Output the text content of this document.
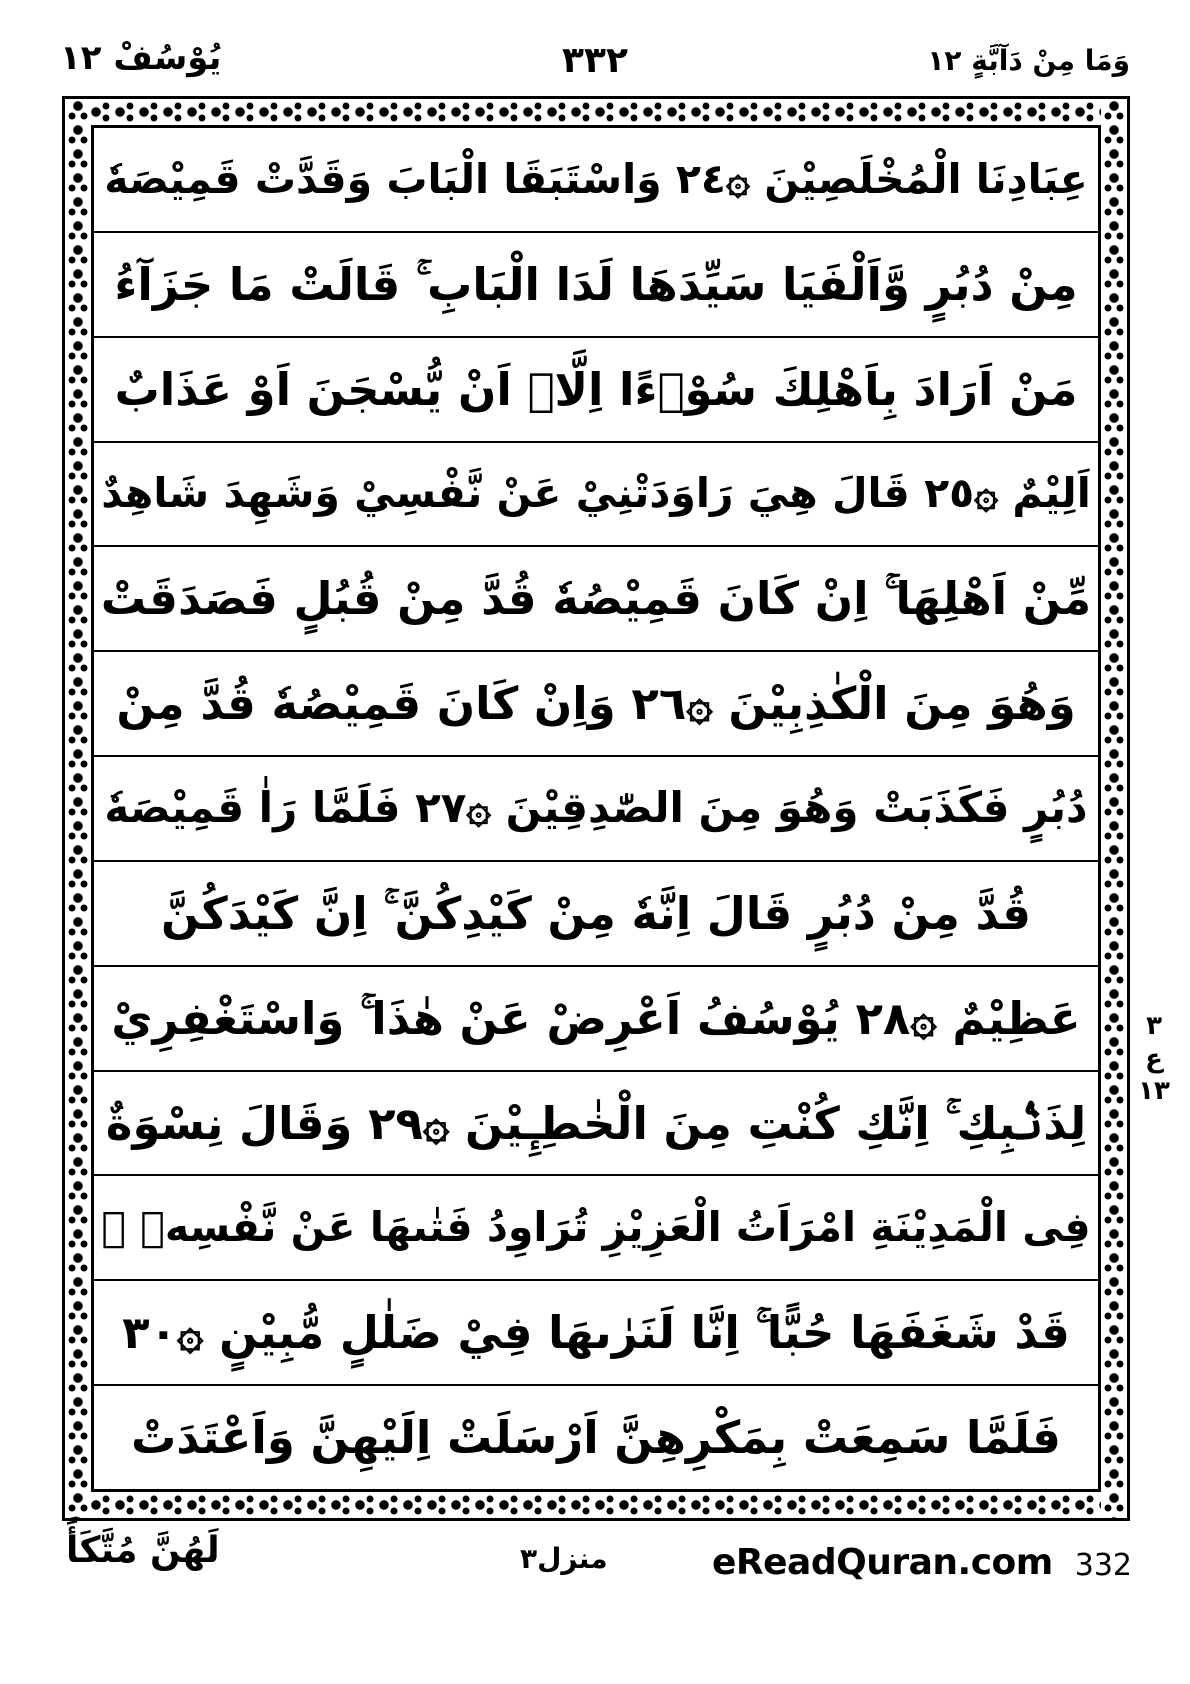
يُوْسُفْ ١٢	٣٣٢	وَمَا مِنْ دَآبَّةٍ ١٢
عِبَادِنَا الْمُخْلَصِيْنَ ۞٢٤ وَاسْتَبَقَا الْبَابَ وَقَدَّتْ قَمِيْصَهٗ
مِنْ دُبُرٍ وَّاَلْفَيَا سَيِّدَهَا لَدَا الْبَابِ ۚ قَالَتْ مَا جَزَآءُ
مَنْ اَرَادَ بِاَهْلِكَ سُوْۤءًا اِلَّاۤ اَنْ يُّسْجَنَ اَوْ عَذَابٌ
اَلِيْمٌ ۞٢٥ قَالَ هِيَ رَاوَدَتْنِيْ عَنْ نَّفْسِيْ وَشَهِدَ شَاهِدٌ
مِّنْ اَهْلِهَا ۚ اِنْ كَانَ قَمِيْصُهٗ قُدَّ مِنْ قُبُلٍ فَصَدَقَتْ
وَهُوَ مِنَ الْكٰذِبِيْنَ ۞٢٦ وَاِنْ كَانَ قَمِيْصُهٗ قُدَّ مِنْ
دُبُرٍ فَكَذَبَتْ وَهُوَ مِنَ الصّٰدِقِيْنَ ۞٢٧ فَلَمَّا رَاٰ قَمِيْصَهٗ
قُدَّ مِنْ دُبُرٍ قَالَ اِنَّهٗ مِنْ كَيْدِكُنَّ ۚ اِنَّ كَيْدَكُنَّ
عَظِيْمٌ ۞٢٨ يُوْسُفُ اَعْرِضْ عَنْ هٰذَا ۚ وَاسْتَغْفِرِيْ
لِذَنْۢبِكِ ۚ اِنَّكِ كُنْتِ مِنَ الْخٰطِـِٕيْنَ ۞٢٩ وَقَالَ نِسْوَةٌ
فِى الْمَدِيْنَةِ امْرَاَتُ الْعَزِيْزِ تُرَاوِدُ فَتٰىهَا عَنْ نَّفْسِهٖ ۚ
قَدْ شَغَفَهَا حُبًّا ۚ اِنَّا لَنَرٰىهَا فِيْ ضَلٰلٍ مُّبِيْنٍ ۞٣٠
فَلَمَّا سَمِعَتْ بِمَكْرِهِنَّ اَرْسَلَتْ اِلَيْهِنَّ وَاَعْتَدَتْ
٣
ع
١٣
لَهُنَّ مُتَّكَأً	منزل٣	eReadQuran.com 332
